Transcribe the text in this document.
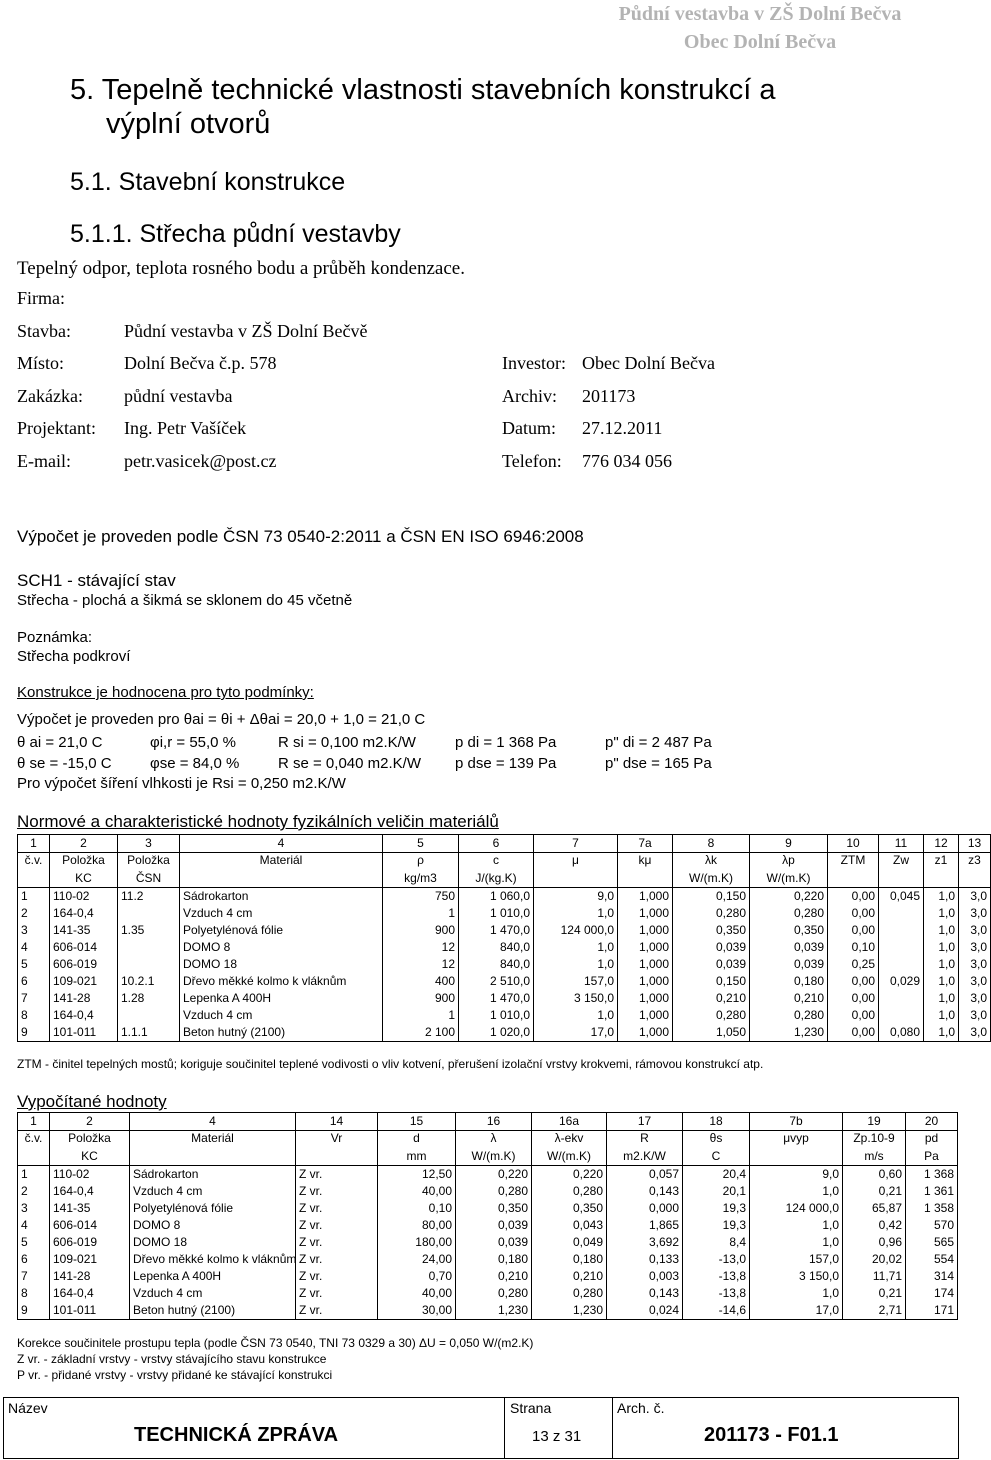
Půdní vestavba v ZŠ Dolní Bečva
Obec Dolní Bečva
5. Tepelně technické vlastnosti stavebních konstrukcí a
výplní otvorů
5.1. Stavební konstrukce
5.1.1. Střecha půdní vestavby
Tepelný odpor, teplota rosného bodu a průběh kondenzace.
Firma:
Stavba:	Půdní vestavba v ZŠ Dolní Bečvě
Místo:	Dolní Bečva č.p. 578	Investor: Obec Dolní Bečva
Zakázka: půdní vestavba	Archiv: 201173
Projektant: Ing. Petr Vašíček	Datum: 27.12.2011
E-mail:	petr.vasicek@post.cz	Telefon: 776 034 056
Výpočet je proveden podle ČSN 73 0540-2:2011 a ČSN EN ISO 6946:2008
SCH1 - stávající stav
Střecha - plochá a šikmá se sklonem do 45 včetně
Poznámka:
Střecha podkroví
Konstrukce je hodnocena pro tyto podmínky:
Výpočet je proveden pro θai = θi + Δθai = 20,0 + 1,0 = 21,0 C
θ ai = 21,0 C	φi,r = 55,0 %	R si = 0,100 m2.K/W	p di = 1 368 Pa	p" di = 2 487 Pa
θ se = -15,0 C	φse = 84,0 %	R se = 0,040 m2.K/W p dse = 139 Pa	p" dse = 165 Pa
Pro výpočet šíření vlhkosti je Rsi = 0,250 m2.K/W
Normové a charakteristické hodnoty fyzikálních veličin materiálů
1	2	3	4	5	6	7	7a	8	9	10	11	12	13
č.v.	Položka	Položka	Materiál	ρ	c	μ	kμ	λk	λp	ZTM	Zw	z1	z3
	KC	ČSN		kg/m3	J/(kg.K)			W/(m.K)	W/(m.K)				
1	110-02	11.2	Sádrokarton	750	1 060,0	9,0	1,000	0,150	0,220	0,00	0,045	1,0	3,0
2	164-0,4		Vzduch 4 cm	1	1 010,0	1,0	1,000	0,280	0,280	0,00		1,0	3,0
3	141-35	1.35	Polyetylénová fólie	900	1 470,0	124 000,0	1,000	0,350	0,350	0,00		1,0	3,0
4	606-014		DOMO 8	12	840,0	1,0	1,000	0,039	0,039	0,10		1,0	3,0
5	606-019		DOMO 18	12	840,0	1,0	1,000	0,039	0,039	0,25		1,0	3,0
6	109-021	10.2.1	Dřevo měkké kolmo k vláknům	400	2 510,0	157,0	1,000	0,150	0,180	0,00	0,029	1,0	3,0
7	141-28	1.28	Lepenka A 400H	900	1 470,0	3 150,0	1,000	0,210	0,210	0,00		1,0	3,0
8	164-0,4		Vzduch 4 cm	1	1 010,0	1,0	1,000	0,280	0,280	0,00		1,0	3,0
9	101-011	1.1.1	Beton hutný (2100)	2 100	1 020,0	17,0	1,000	1,050	1,230	0,00	0,080	1,0	3,0
ZTM - činitel tepelných mostů; koriguje součinitel teplené vodivosti o vliv kotvení, přerušení izolační vrstvy krokvemi, rámovou konstrukcí atp.
Vypočítané hodnoty
1	2	4	14	15	16	16a	17	18	7b	19	20
č.v.	Položka	Materiál	Vr	d	λ	λ-ekv	R	θs	μvyp	Zp.10-9	pd
	KC			mm	W/(m.K)	W/(m.K)	m2.K/W	C		m/s	Pa
1	110-02	Sádrokarton	Z vr.	12,50	0,220	0,220	0,057	20,4	9,0	0,60	1 368
2	164-0,4	Vzduch 4 cm	Z vr.	40,00	0,280	0,280	0,143	20,1	1,0	0,21	1 361
3	141-35	Polyetylénová fólie	Z vr.	0,10	0,350	0,350	0,000	19,3	124 000,0	65,87	1 358
4	606-014	DOMO 8	Z vr.	80,00	0,039	0,043	1,865	19,3	1,0	0,42	570
5	606-019	DOMO 18	Z vr.	180,00	0,039	0,049	3,692	8,4	1,0	0,96	565
6	109-021	Dřevo měkké kolmo k vláknům	Z vr.	24,00	0,180	0,180	0,133	-13,0	157,0	20,02	554
7	141-28	Lepenka A 400H	Z vr.	0,70	0,210	0,210	0,003	-13,8	3 150,0	11,71	314
8	164-0,4	Vzduch 4 cm	Z vr.	40,00	0,280	0,280	0,143	-13,8	1,0	0,21	174
9	101-011	Beton hutný (2100)	Z vr.	30,00	1,230	1,230	0,024	-14,6	17,0	2,71	171
Korekce součinitele prostupu tepla (podle ČSN 73 0540, TNI 73 0329 a 30) ΔU = 0,050 W/(m2.K)
Z vr. - základní vrstvy - vrstvy stávajícího stavu konstrukce
P vr. - přidané vrstvy - vrstvy přidané ke stávající konstrukci
Název
TECHNICKÁ ZPRÁVA
Strana
13 z 31
Arch. č.
201173 - F01.1
